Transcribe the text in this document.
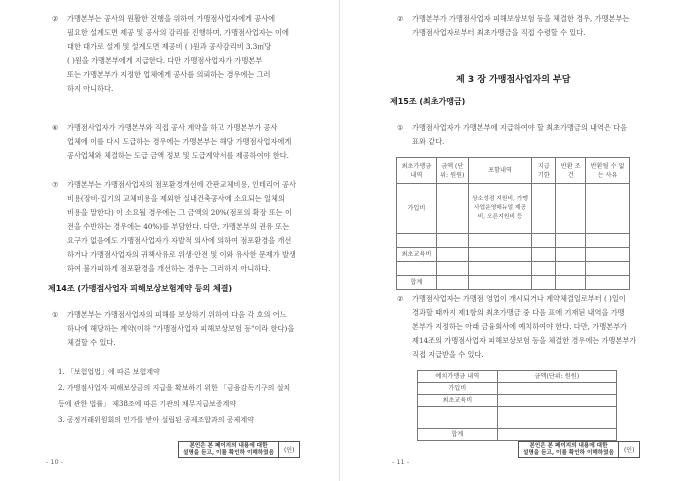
② 가맹본부는 공사의 원활한 진행을 위하여 가맹점사업자에게 공사에
필요한 설계도면 제공 및 공사의 감리를 진행하며, 가맹점사업자는 이에
대한 대가로 설계 및 설계도면 제공비 ( )원과 공사감리비 3.3㎡당
( )원을 가맹본부에게 지급한다. 다만 가맹점사업자가 가맹본부
또는 가맹본부가 지정한 업체에게 공사를 의뢰하는 경우에는 그러
하지 아니하다.
⑥ 가맹점사업자가 가맹본부와 직접 공사 계약을 하고 가맹본부가 공사
업체에 이를 다시 도급하는 경우에는 가맹본부는 해당 가맹점사업자에게
공사업체와 체결하는 도급 금액 정보 및 도급계약서를 제공하여야 한다.
⑦ 가맹본부는 가맹점사업자의 점포환경개선에 간판교체비용, 인테리어 공사
비용(장비·집기의 교체비용을 제외한 실내건축공사에 소요되는 일체의
비용을 말한다) 이 소요될 경우에는 그 금액의 20%(점포의 확장 또는 이
전을 수반하는 경우에는 40%)를 부담한다. 다만, 가맹본부의 권유 또는
요구가 없음에도 가맹점사업자가 자발적 의사에 의하여 점포환경을 개선
하거나 가맹점사업자의 귀책사유로 위생·안전 및 이와 유사한 문제가 발생
하여 불가피하게 점포환경을 개선하는 경우는 그러하지 아니하다.
제14조 (가맹점사업자 피해보상보험계약 등의 체결)
① 가맹본부는 가맹점사업자의 피해를 보상하기 위하여 다음 각 호의 어느
하나에 해당하는 계약(이하 "가맹점사업자 피해보상보험 등"이라 한다)을
체결할 수 있다.
1. 「보험업법」에 따른 보험계약
2. 가맹점사업자 피해보상금의 지급을 확보하기 위한 「금융감독기구의 설치
등에 관한 법률」 제38조에 따른 기관의 채무지급보증계약
3. 공정거래위원회의 인가를 받아 설립된 공제조합과의 공제계약
본인은 본 페이지의 내용에 대한
설명을 듣고, 이를 확인하 이해하였음	(인)
- 10 -
② 가맹본부가 가맹점사업자 피해보상보험 등을 체결한 경우, 가맹본부는
가맹점사업자로부터 최초가맹금을 직접 수령할 수 있다.
제 3 장 가맹점사업자의 부담
제15조 (최초가맹금)
① 가맹점사업자가 가맹본부에 지급하여야 할 최초가맹금의 내역은 다음
표와 같다.
최초가맹금 내역	금액 (단위: 원원)	포함내역	지급 기한	반환 조건	반환될 수 없는 사유
가입비		상소성점 지원비, 가맹사업운영매뉴얼 제공비, 오픈지원비 등			

최초교육비					

합계					
② 가맹점사업자는 가맹점 영업이 개시되거나 계약체결일로부터 ( )일이
경과할 때까지 제1항의 최초가맹금 중 다음 표에 기재된 내역을 가맹
본부가 지정하는 아래 금융회사에 예치하여야 한다. 다만, 가맹본부가
제14조의 가맹점사업자 피해보상보험 등을 체결한 경우에는 가맹본부가
직접 지급받을 수 있다.
예치가맹금 내역	금액(단위: 원원)
가입비	
최초교육비	

합계	
본인은 본 페이지의 내용에 대한
설명을 듣고, 이를 확인하 이해하였음	(인)
- 11 -
